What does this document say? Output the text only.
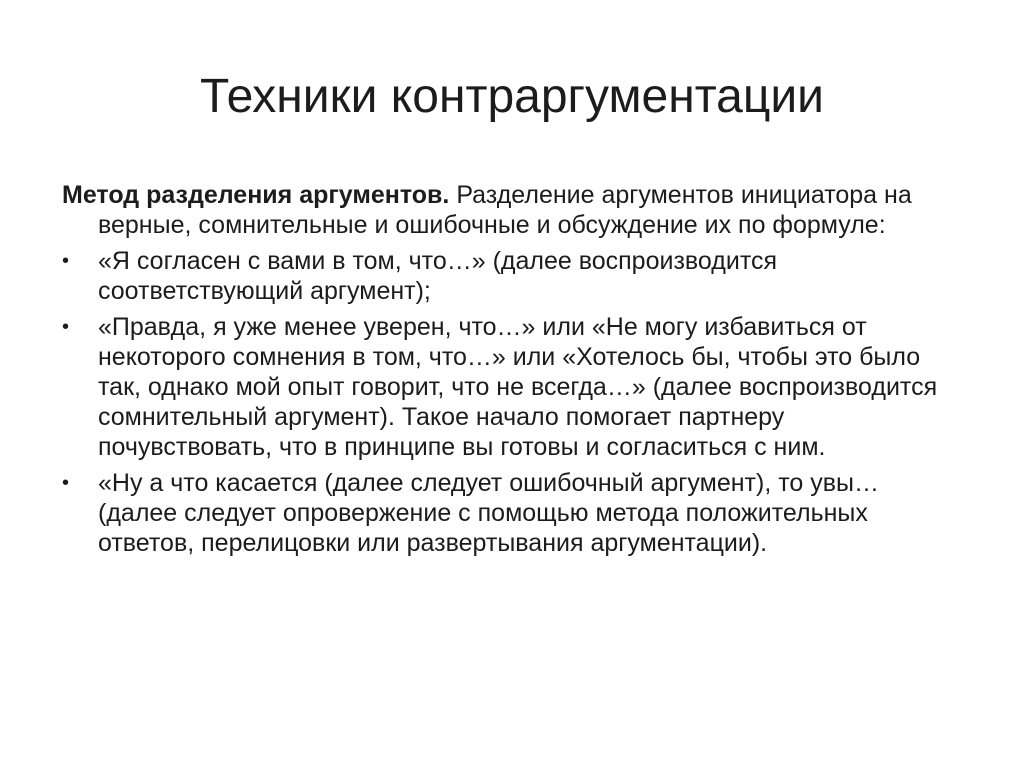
Техники контраргументации

Метод разделения аргументов. Разделение аргументов инициатора на верные, сомнительные и ошибочные и обсуждение их по формуле:

•	«Я согласен с вами в том, что…» (далее воспроизводится соответствующий аргумент);
•	«Правда, я уже менее уверен, что…» или «Не могу избавиться от некоторого сомнения в том, что…» или «Хотелось бы, чтобы это было так, однако мой опыт говорит, что не всегда…» (далее воспроизводится сомнительный аргумент). Такое начало помогает партнеру почувствовать, что в принципе вы готовы и согласиться с ним.
•	«Ну а что касается (далее следует ошибочный аргумент), то увы… (далее следует опровержение с помощью метода положительных ответов, перелицовки или развертывания аргументации).
